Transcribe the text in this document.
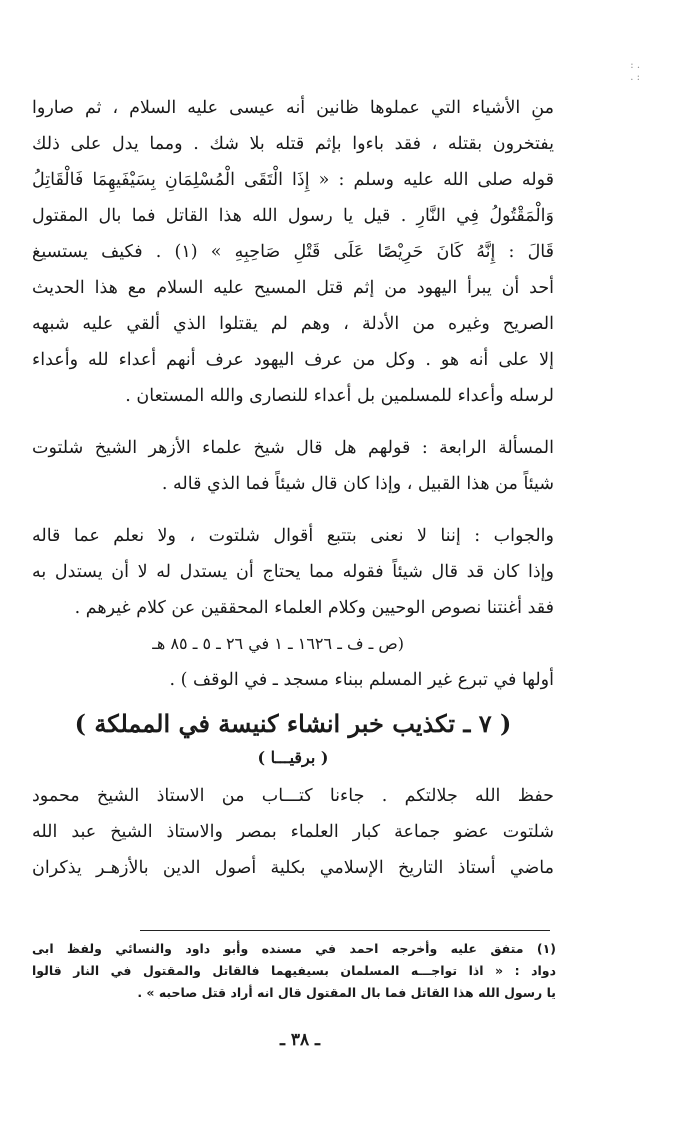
: .
. :
منِ الأشياء التي عملوها ظانين أنه عيسى عليه السلام ، ثم صاروا
يفتخرون بقتله ، فقد باءوا بإثم قتله بلا شك . ومما يدل على ذلك
قوله صلى الله عليه وسلم : « إِذَا الْتَقَى الْمُسْلِمَانِ بِسَيْفَيهِمَا فَالْقَاتِلُ
وَالْمَقْتُولُ فِي النَّارِ . قيل يا رسول الله هذا القاتل فما بال المقتول
قَالَ : إِنَّهُ كَانَ حَرِيْصًا عَلَى قَتْلِ صَاحِبِهِ » (١) . فكيف يستسيغ
أحد أن يبرأ اليهود من إثم قتل المسيح عليه السلام مع هذا الحديث
الصريح وغيره من الأدلة ، وهم لم يقتلوا الذي ألقي عليه شبهه
إلا على أنه هو . وكل من عرف اليهود عرف أنهم أعداء لله وأعداء
لرسله وأعداء للمسلمين بل أعداء للنصارى والله المستعان .
المسألة الرابعة : قولهم هل قال شيخ علماء الأزهر الشيخ شلتوت
شيئاً من هذا القبيل ، وإذا كان قال شيئاً فما الذي قاله .
والجواب : إننا لا نعنى بتتبع أقوال شلتوت ، ولا نعلم عما قاله
وإذا كان قد قال شيئاً فقوله مما يحتاج أن يستدل له لا أن يستدل به
فقد أغنتنا نصوص الوحيين وكلام العلماء المحققين عن كلام غيرهم .
(ص ـ ف ـ ١٦٢٦ ـ ١ في ٢٦ ـ ٥ ـ ٨٥ هـ
أولها في تبرع غير المسلم ببناء مسجد ـ في الوقف ) .
( ٧ ـ تكذيب خبر انشاء كنيسة في المملكة )
( برقيـــا )
حفظ الله جلالتكم . جاءنا كتـــاب من الاستاذ الشيخ محمود
شلتوت عضو جماعة كبار العلماء بمصر والاستاذ الشيخ عبد الله
ماضي أستاذ التاريخ الإسلامي بكلية أصول الدين بالأزهـر يذكران
(١) متفق عليه وأخرجه احمد في مسنده وأبو داود والنسائي ولفظ ابى
دواد : « اذا تواجـــه المسلمان بسيفيهما فالقاتل والمقتول في النار قالوا
يا رسول الله هذا القاتل فما بال المقتول قال انه أراد قتل صاحبه » .
ـ ٣٨ ـ
